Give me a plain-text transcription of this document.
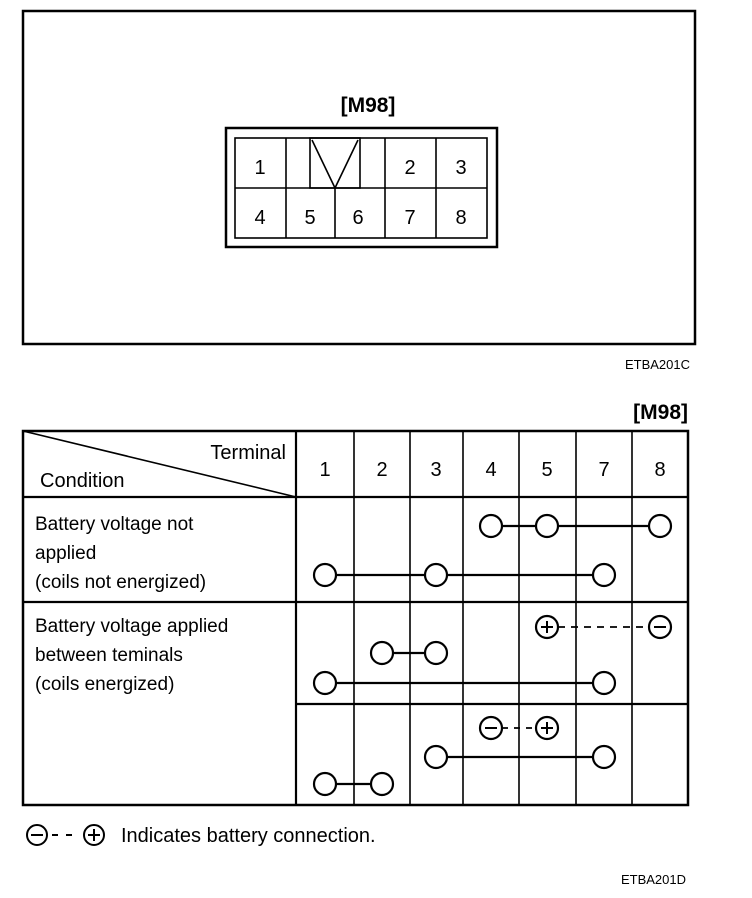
[M98]
1	2 3
4 5 6 7 8
ETBA201C
[M98]
Terminal
Condition	1 2 3 4 5 7 8
Battery voltage not
applied
(coils not energized)
Battery voltage applied
between teminals
(coils energized)
Indicates battery connection.
ETBA201D
